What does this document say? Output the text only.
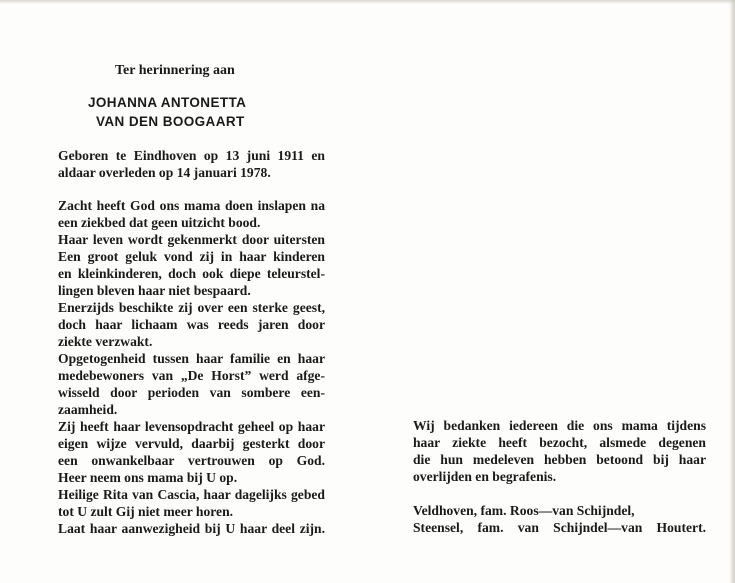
Ter herinnering aan
JOHANNA ANTONETTA
VAN DEN BOOGAART
Geboren te Eindhoven op 13 juni 1911 en
aldaar overleden op 14 januari 1978.
Zacht heeft God ons mama doen inslapen na
een ziekbed dat geen uitzicht bood.
Haar leven wordt gekenmerkt door uitersten
Een groot geluk vond zij in haar kinderen
en kleinkinderen, doch ook diepe teleurstel-
lingen bleven haar niet bespaard.
Enerzijds beschikte zij over een sterke geest,
doch haar lichaam was reeds jaren door
ziekte verzwakt.
Opgetogenheid tussen haar familie en haar
medebewoners van „De Horst” werd afge-
wisseld door perioden van sombere een-
zaamheid.
Zij heeft haar levensopdracht geheel op haar
eigen wijze vervuld, daarbij gesterkt door
een onwankelbaar vertrouwen op God.
Heer neem ons mama bij U op.
Heilige Rita van Cascia, haar dagelijks gebed
tot U zult Gij niet meer horen.
Laat haar aanwezigheid bij U haar deel zijn.
Wij bedanken iedereen die ons mama tijdens
haar ziekte heeft bezocht, alsmede degenen
die hun medeleven hebben betoond bij haar
overlijden en begrafenis.
Veldhoven, fam. Roos—van Schijndel,
Steensel, fam. van Schijndel—van Houtert.
